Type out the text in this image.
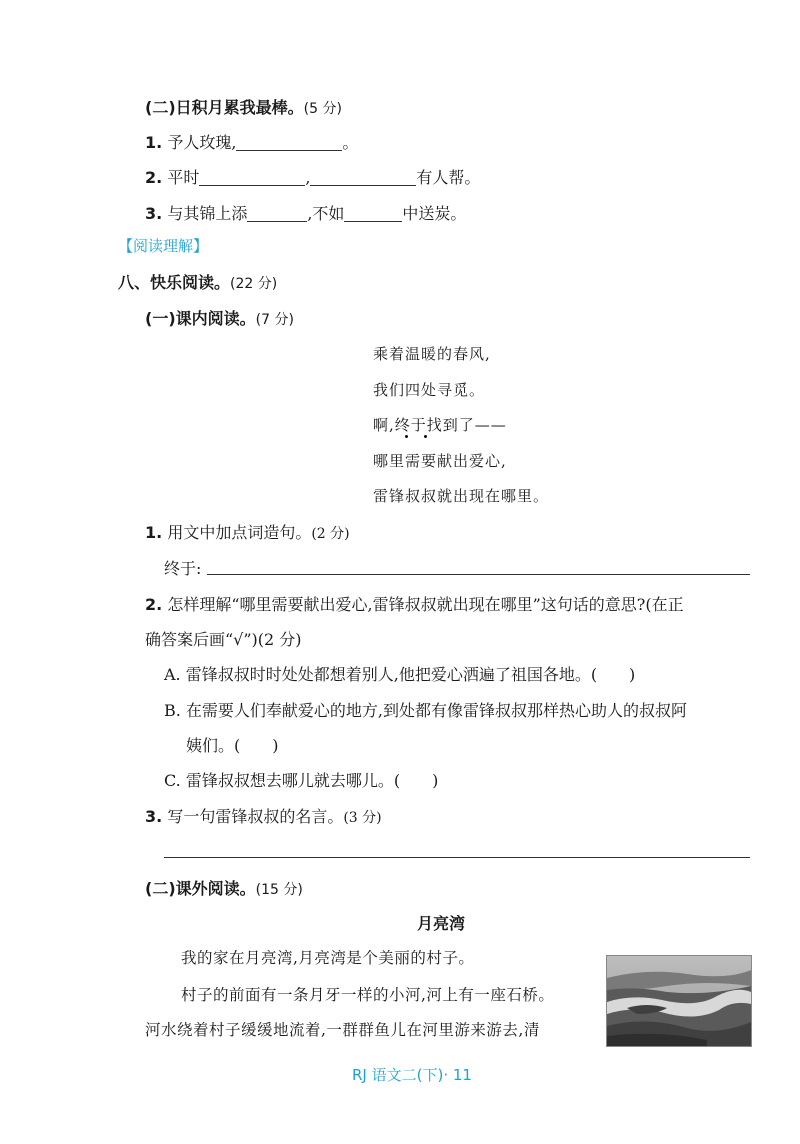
(二)日积月累我最棒。(5 分)
1. 予人玫瑰,	。
2. 平时	,	有人帮。
3. 与其锦上添	,不如	中送炭。
【阅读理解】
八、快乐阅读。(22 分)
(一)课内阅读。(7 分)
乘着温暖的春风,
我们四处寻觅。
啊,终于找到了——
哪里需要献出爱心,
雷锋叔叔就出现在哪里。
1. 用文中加点词造句。(2 分)
终于:
2. 怎样理解“哪里需要献出爱心,雷锋叔叔就出现在哪里”这句话的意思?(在正
确答案后画“√”)(2 分)
A. 雷锋叔叔时时处处都想着别人,他把爱心洒遍了祖国各地。(　　)
B. 在需要人们奉献爱心的地方,到处都有像雷锋叔叔那样热心助人的叔叔阿
姨们。(　　)
C. 雷锋叔叔想去哪儿就去哪儿。(　　)
3. 写一句雷锋叔叔的名言。(3 分)
(二)课外阅读。(15 分)
月亮湾
我的家在月亮湾,月亮湾是个美丽的村子。
村子的前面有一条月牙一样的小河,河上有一座石桥。
河水绕着村子缓缓地流着,一群群鱼儿在河里游来游去,清
RJ 语文二(下)· 11
